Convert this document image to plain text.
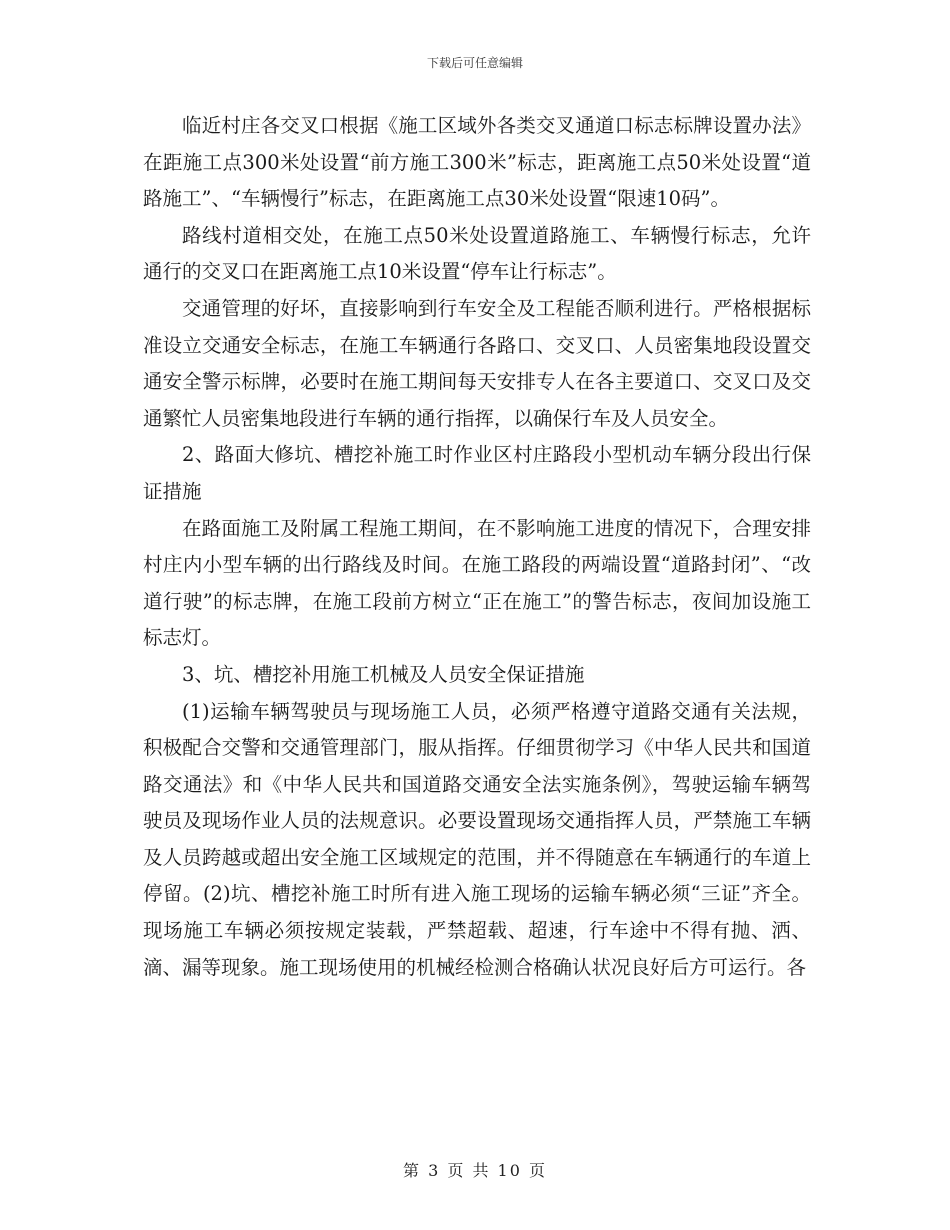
下载后可任意编辑

临近村庄各交叉口根据《施工区域外各类交叉通道口标志标牌设置办法》在距施工点300米处设置“前方施工300米”标志，距离施工点50米处设置“道路施工”、“车辆慢行”标志，在距离施工点30米处设置“限速10码”。

路线村道相交处，在施工点50米处设置道路施工、车辆慢行标志，允许通行的交叉口在距离施工点10米设置“停车让行标志”。

交通管理的好坏，直接影响到行车安全及工程能否顺利进行。严格根据标准设立交通安全标志，在施工车辆通行各路口、交叉口、人员密集地段设置交通安全警示标牌，必要时在施工期间每天安排专人在各主要道口、交叉口及交通繁忙人员密集地段进行车辆的通行指挥，以确保行车及人员安全。

2、路面大修坑、槽挖补施工时作业区村庄路段小型机动车辆分段出行保证措施

在路面施工及附属工程施工期间，在不影响施工进度的情况下，合理安排村庄内小型车辆的出行路线及时间。在施工路段的两端设置“道路封闭”、“改道行驶”的标志牌，在施工段前方树立“正在施工”的警告标志，夜间加设施工标志灯。

3、坑、槽挖补用施工机械及人员安全保证措施

(1)运输车辆驾驶员与现场施工人员，必须严格遵守道路交通有关法规，积极配合交警和交通管理部门，服从指挥。仔细贯彻学习《中华人民共和国道路交通法》和《中华人民共和国道路交通安全法实施条例》，驾驶运输车辆驾驶员及现场作业人员的法规意识。必要设置现场交通指挥人员，严禁施工车辆及人员跨越或超出安全施工区域规定的范围，并不得随意在车辆通行的车道上停留。(2)坑、槽挖补施工时所有进入施工现场的运输车辆必须“三证”齐全。现场施工车辆必须按规定装载，严禁超载、超速，行车途中不得有抛、洒、滴、漏等现象。施工现场使用的机械经检测合格确认状况良好后方可运行。各

第 3 页 共 10 页
